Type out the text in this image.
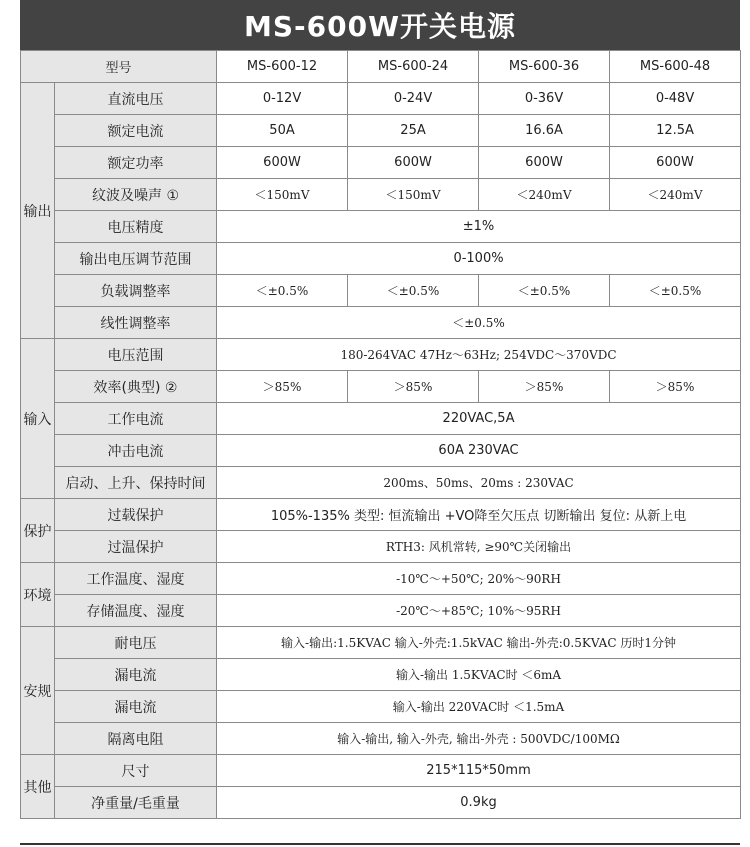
MS-600W开关电源
型号		MS-600-12	MS-600-24	MS-600-36	MS-600-48
输出	直流电压	0-12V	0-24V	0-36V	0-48V
	额定电流	50A	25A	16.6A	12.5A
	额定功率	600W	600W	600W	600W
	纹波及噪声 ①	＜150mV	＜150mV	＜240mV	＜240mV
	电压精度	±1%			
	输出电压调节范围	0-100%			
	负载调整率	＜±0.5%	＜±0.5%	＜±0.5%	＜±0.5%
	线性调整率	＜±0.5%			
输入	电压范围	180-264VAC 47Hz～63Hz; 254VDC～370VDC			
	效率(典型) ②	＞85%	＞85%	＞85%	＞85%
	工作电流	220VAC,5A			
	冲击电流	60A 230VAC			
	启动、上升、保持时间	200ms、50ms、20ms : 230VAC			
保护	过载保护	105%-135% 类型: 恒流输出 +VO降至欠压点 切断输出 复位: 从新上电			
	过温保护	RTH3: 风机常转, ≥90℃关闭输出			
环境	工作温度、湿度	-10℃～+50℃; 20%～90RH			
	存储温度、湿度	-20℃～+85℃; 10%～95RH			
安规	耐电压	输入-输出:1.5KVAC 输入-外壳:1.5kVAC 输出-外壳:0.5KVAC 历时1分钟			
	漏电流	输入-输出 1.5KVAC时 ＜6mA			
	漏电流	输入-输出 220VAC时 ＜1.5mA			
	隔离电阻	输入-输出, 输入-外壳, 输出-外壳 : 500VDC/100MΩ			
其他	尺寸	215*115*50mm			
	净重量/毛重量	0.9kg			
